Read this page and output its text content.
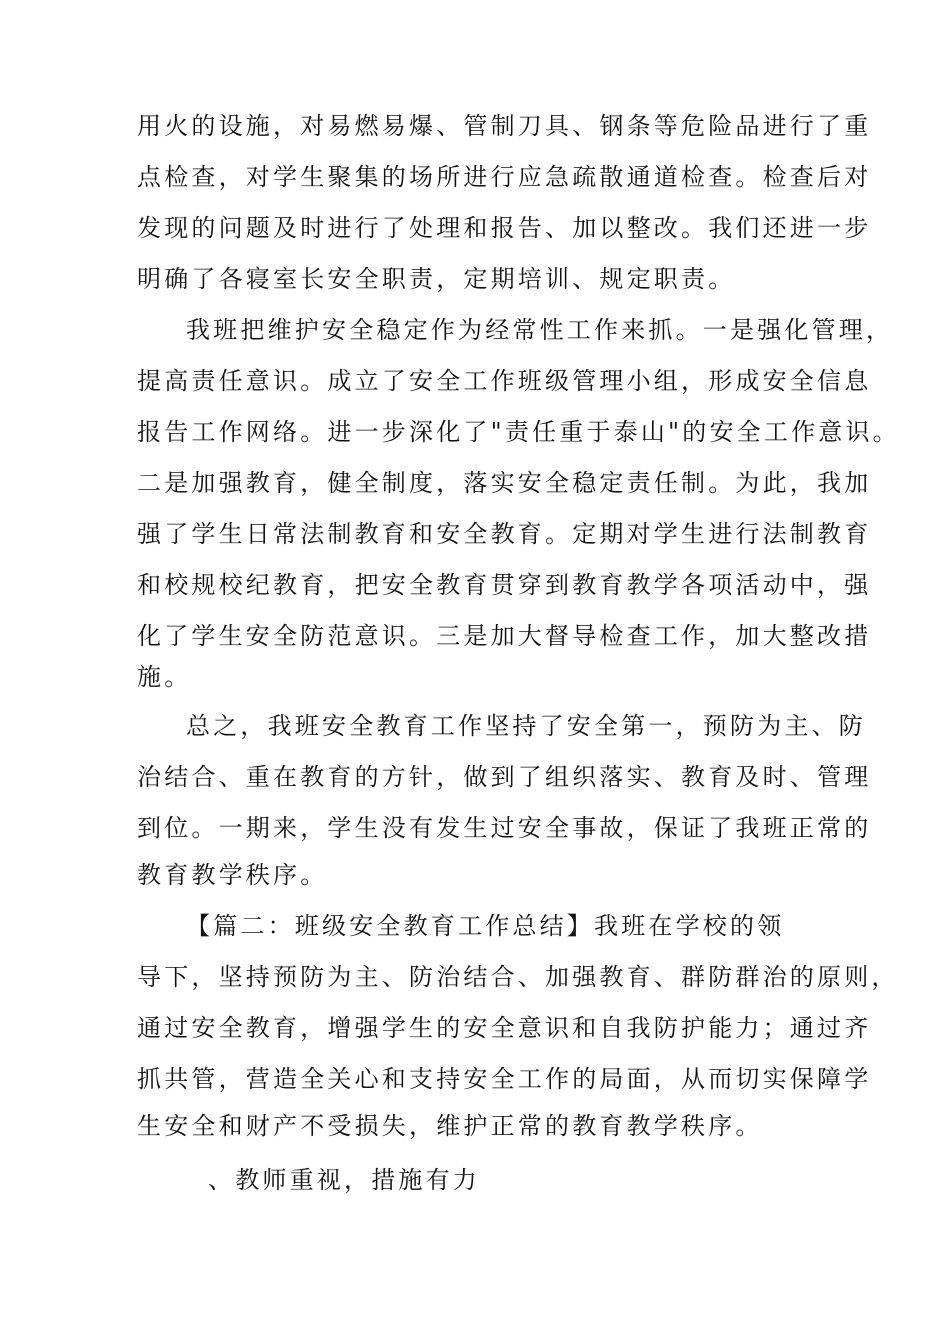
用火的设施，对易燃易爆、管制刀具、钢条等危险品进行了重

点检查，对学生聚集的场所进行应急疏散通道检查。检查后对

发现的问题及时进行了处理和报告、加以整改。我们还进一步

明确了各寝室长安全职责，定期培训、规定职责。

我班把维护安全稳定作为经常性工作来抓。一是强化管理，

提高责任意识。成立了安全工作班级管理小组，形成安全信息

报告工作网络。进一步深化了"责任重于泰山"的安全工作意识。

二是加强教育，健全制度，落实安全稳定责任制。为此，我加

强了学生日常法制教育和安全教育。定期对学生进行法制教育

和校规校纪教育，把安全教育贯穿到教育教学各项活动中，强

化了学生安全防范意识。三是加大督导检查工作，加大整改措

施。

总之，我班安全教育工作坚持了安全第一，预防为主、防

治结合、重在教育的方针，做到了组织落实、教育及时、管理

到位。一期来，学生没有发生过安全事故，保证了我班正常的

教育教学秩序。

【篇二：班级安全教育工作总结】我班在学校的领

导下，坚持预防为主、防治结合、加强教育、群防群治的原则，

通过安全教育，增强学生的安全意识和自我防护能力；通过齐

抓共管，营造全关心和支持安全工作的局面，从而切实保障学

生安全和财产不受损失，维护正常的教育教学秩序。

、教师重视，措施有力
